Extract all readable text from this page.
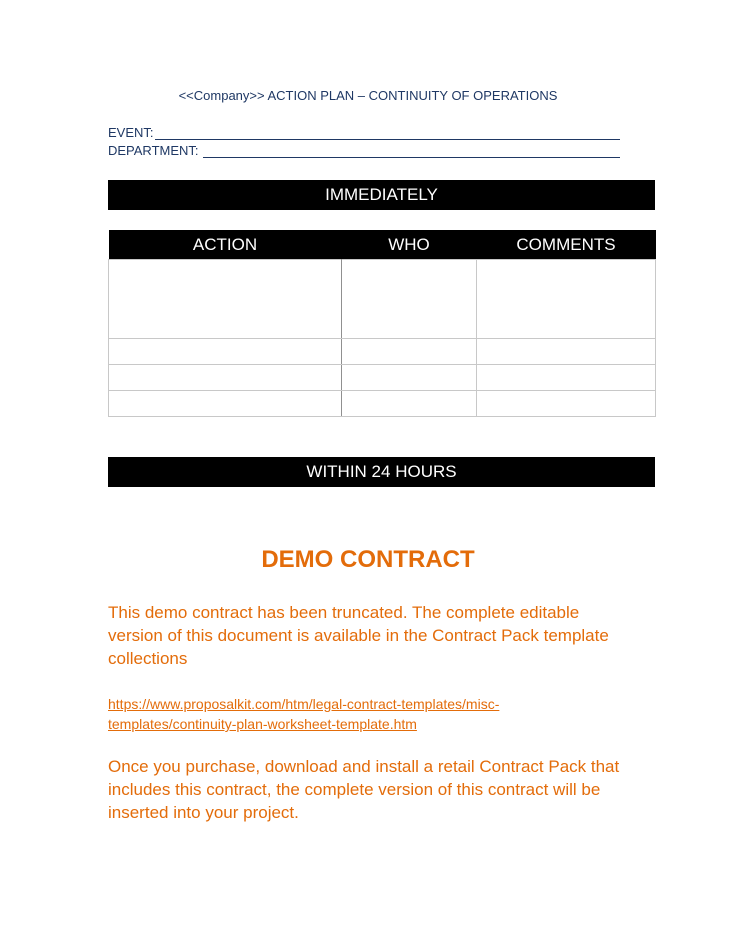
<<Company>> ACTION PLAN – CONTINUITY OF OPERATIONS
EVENT:
DEPARTMENT:
IMMEDIATELY
ACTION	WHO	COMMENTS

WITHIN 24 HOURS
DEMO CONTRACT

This demo contract has been truncated. The complete editable version of this document is available in the Contract Pack template collections

https://www.proposalkit.com/htm/legal-contract-templates/misc-templates/continuity-plan-worksheet-template.htm

Once you purchase, download and install a retail Contract Pack that includes this contract, the complete version of this contract will be inserted into your project.
